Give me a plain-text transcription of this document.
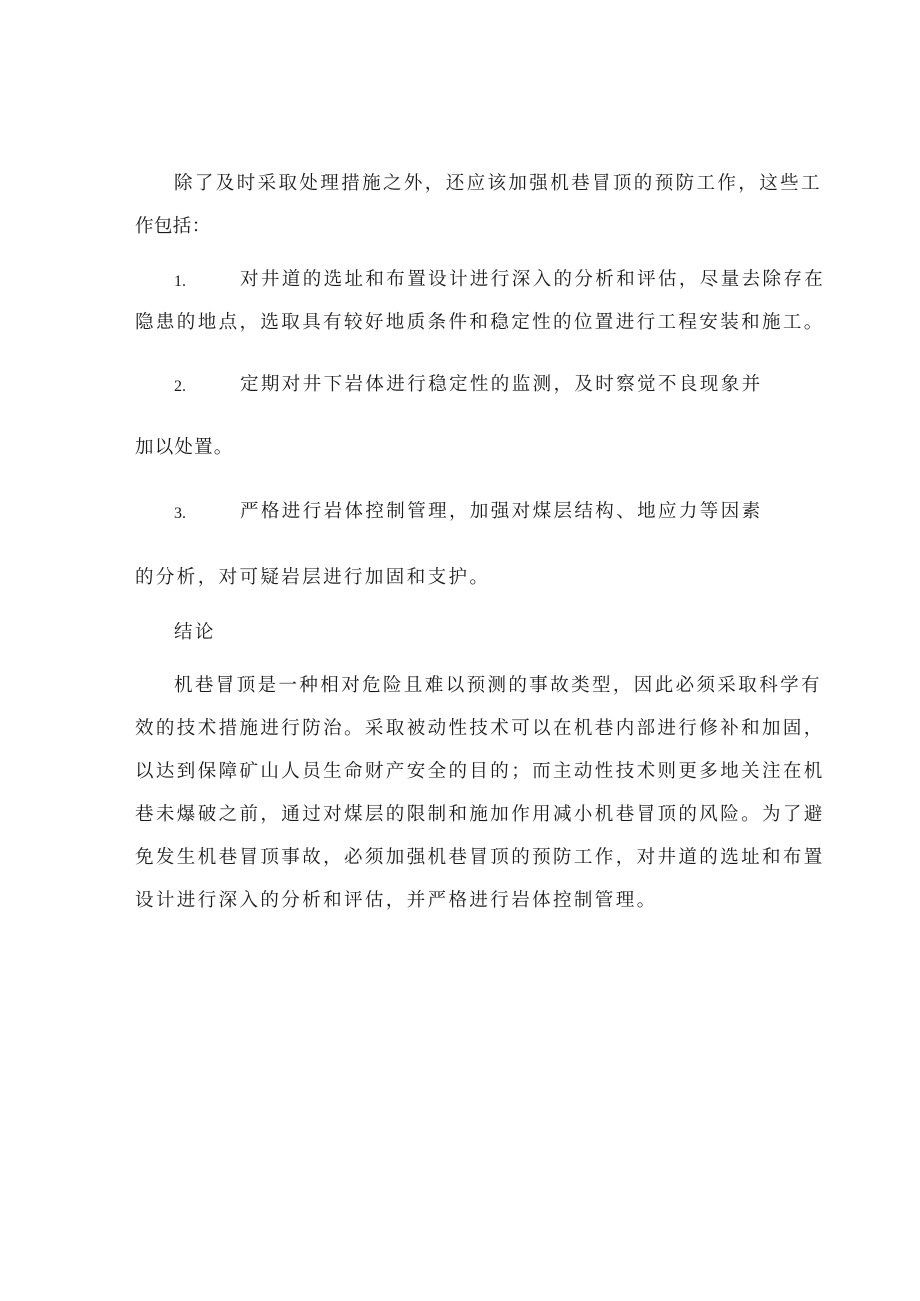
除了及时采取处理措施之外，还应该加强机巷冒顶的预防工作，这些工
作包括：
1.	对井道的选址和布置设计进行深入的分析和评估，尽量去除存在
隐患的地点，选取具有较好地质条件和稳定性的位置进行工程安装和施工。
2.	定期对井下岩体进行稳定性的监测，及时察觉不良现象并
加以处置。
3.	严格进行岩体控制管理，加强对煤层结构、地应力等因素
的分析，对可疑岩层进行加固和支护。
结论
机巷冒顶是一种相对危险且难以预测的事故类型，因此必须采取科学有
效的技术措施进行防治。采取被动性技术可以在机巷内部进行修补和加固，
以达到保障矿山人员生命财产安全的目的；而主动性技术则更多地关注在机
巷未爆破之前，通过对煤层的限制和施加作用减小机巷冒顶的风险。为了避
免发生机巷冒顶事故，必须加强机巷冒顶的预防工作，对井道的选址和布置
设计进行深入的分析和评估，并严格进行岩体控制管理。
